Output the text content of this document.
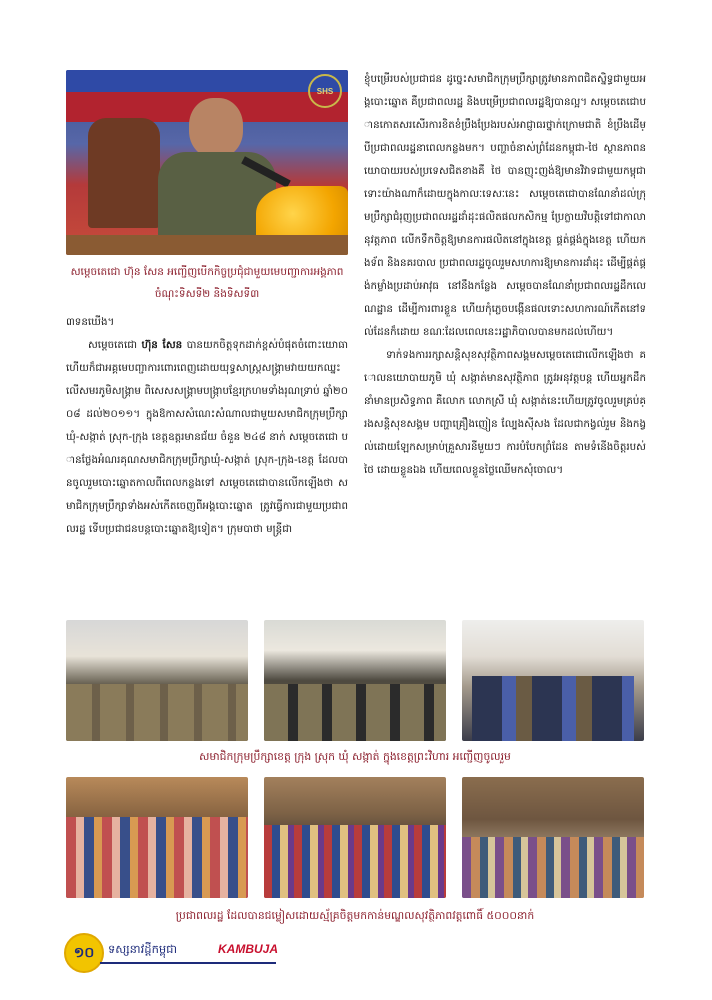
SHS
សម្ដេចតេជោ ហ៊ុន សែន អញ្ជើញបើកកិច្ចប្រជុំជាមួយមេបញ្ជាការអង្គភាពចំណុះទិសទី២ និងទិសទី៣
៣ទនឃើង។
សម្ដេចតេជោ ហ៊ុន សែន បានយកចិត្តទុកដាក់ខ្ពស់បំផុតចំពោះយោធា ហើយក៏ជាអគ្គមេបញ្ជាការពោរពេញដោយយុទ្ធសាស្ត្រសង្គ្រាមវាយយកឈ្នះលើសមរភូមិសង្គ្រាម ពិសេសសង្គ្រាមបង្ក្រាបខ្មែរក្រហមទាំងរុណទ្រាប់ ឆ្នាំ២០០៨ ដល់២០១១។ ក្នុងឱកាសសំណេះសំណាលជាមួយសមាជិកក្រុមប្រឹក្សាឃុំ-សង្កាត់ ស្រុក-ក្រុង ខេត្តឧត្ដរមានជ័យ ចំនួន ២៤៨ នាក់ សម្ដេចតេជោ បានថ្លែងអំណរគុណសមាជិកក្រុមប្រឹក្សាឃុំ-សង្កាត់ ស្រុក-ក្រុង-ខេត្ត ដែលបានចូលរួមបោះឆ្នោតកាលពីពេលកន្លងទៅ សម្ដេចតេជោបានលើកឡើងថា សមាជិកក្រុមប្រឹក្សាទាំងអស់កើតចេញពីអង្គបោះឆ្នោត ត្រូវធ្វើការជាមួយប្រជាពលរដ្ឋ ទើបប្រជាជនបន្តបោះឆ្នោតឱ្យទៀត។ ក្រុមបាថា មន្ត្រីជា
ខ្ញុំបម្រើរបស់ប្រជាជន ដូច្នេះសមាជិកក្រុមប្រឹក្សាត្រូវមានភាពជិតស្និទ្ធជាមួយអង្គបោះឆ្នោត គឺប្រជាពលរដ្ឋ និងបម្រើប្រជាពលរដ្ឋឱ្យបានល្អ។ សម្ដេចតេជោបានកោតសរសើរការខិតខំប្រឹងប្រែងរបស់អាជ្ញាធរថ្នាក់ក្រោមជាតិ ខំប្រឹងដើម្បីប្រជាពលរដ្ឋនាពេលកន្លងមក។ បញ្ហាចំនាស់ព្រំដែនកម្ពុជា-ថៃ ស្ថានភាពនយោបាយរបស់ប្រទេសជិតខាងគឺ ថៃ បានញុះញង់ឱ្យមានវិវាទជាមួយកម្ពុជា ទោះយ៉ាងណាក៏ដោយក្នុងកាលៈទេសៈនេះ សម្ដេចតេជោបានណែនាំដល់ក្រុមប្រឹក្សាជំរុញប្រជាពលរដ្ឋដាំដុះផលិតផលកសិកម្ម ប្រែក្លាយវិបត្តិទៅជាកាលានុវត្តភាព លើកទឹកចិត្តឱ្យមានការផលិតនៅក្នុងខេត្ត ផ្គត់ផ្គង់ក្នុងខេត្ត ហើយកងទ័ព និងនគរបាល ប្រជាពលរដ្ឋចូលរួមសហការឱ្យមានការដាំដុះ ដើម្បីផ្គត់ផ្គង់កម្លាំងប្រដាប់អាវុធ នៅនឹងកន្លែង សម្ដេចបានណែនាំប្រជាពលរដ្ឋដឹកលេណដ្ឋាន ដើម្បីការពារខ្លួន ហើយកុំភ្លេចបង្កើនផលទោះសហការណ៍កើតនៅទល់ដែនក៏ដោយ ខណៈដែលពេលនេះរដ្ឋាភិបាលបានមកដល់ហើយ។
ទាក់ទងការរក្សាសន្តិសុខសុវត្ថិភាពសង្គមសម្ដេចតេជោលើកឡើងថា គោលនយោបាយភូមិ ឃុំ សង្កាត់មានសុវត្ថិភាព ត្រូវអនុវត្តបន្ត ហើយអ្នកដឹកនាំមានប្រសិទ្ធភាព គឺលោក លោកស្រី ឃុំ សង្កាត់នេះហើយត្រូវចូលរួមគ្រប់គ្រងសន្តិសុខសង្គម បញ្ហាគ្រឿងញៀន ល្បែងស៊ីសង ដែលជាកង្វល់រួម និងកង្វល់ដោយឡែកសម្រាប់គ្រួសារនីមួយៗ ការបំបែកព្រំដែន តាមទំនើងចិត្តរបស់ថៃ ដោយខ្លួនឯង ហើយពេលខ្លួនថ្លៃឈើមកសុំចោល។
សមាជិកក្រុមប្រឹក្សាខេត្ត ក្រុង ស្រុក ឃុំ សង្កាត់ ក្នុងខេត្តព្រះវិហារ អញ្ជើញចូលរួម
ប្រជាពលរដ្ឋ ដែលបានជម្លៀសដោយស្ម័គ្រចិត្តមកកាន់មណ្ឌលសុវត្ថិភាពវត្តពោធិ៍ ៥០០០នាក់
១០	ទស្សនាវដ្ដីកម្ពុជា	KAMBUJA
